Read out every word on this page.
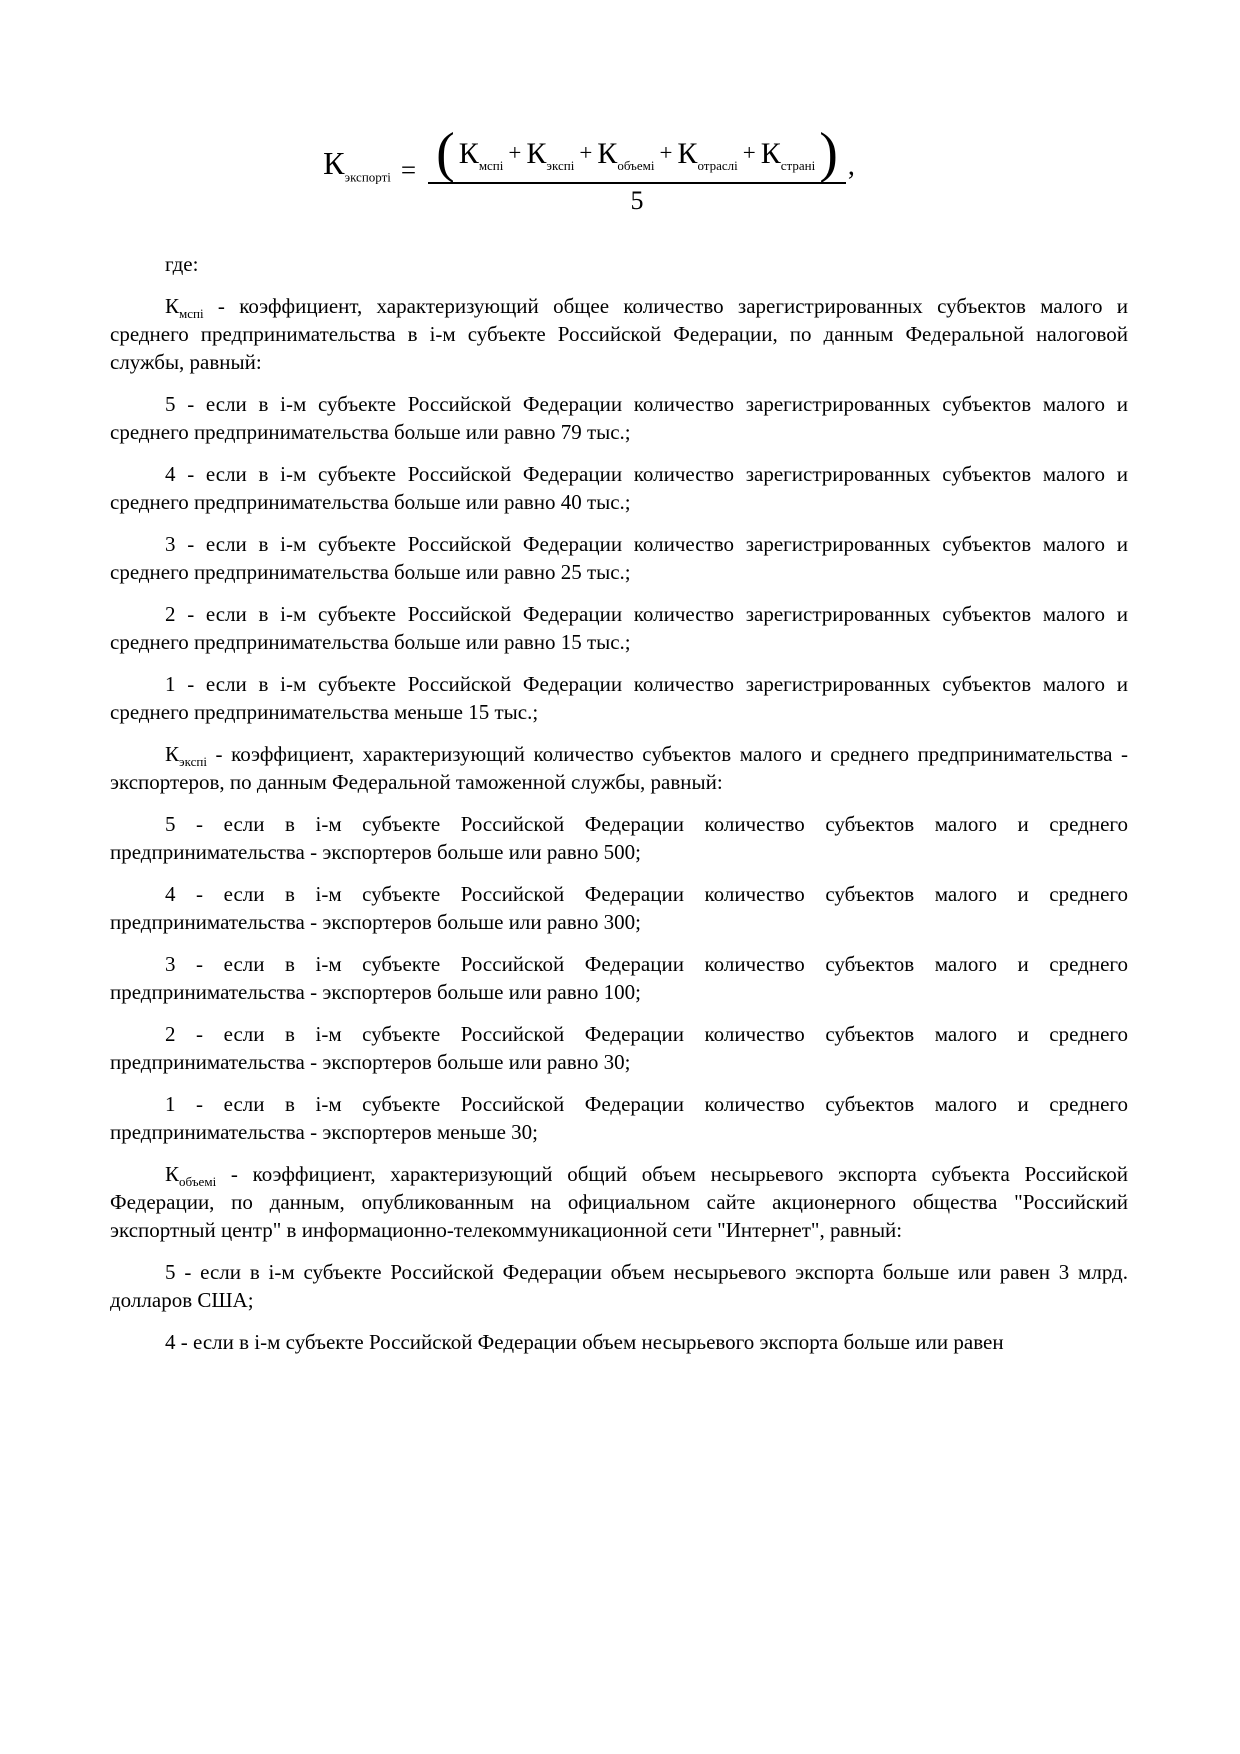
$К_{экспортi} = \frac{( К_{мспi}+ К_{экспi}+ К_{объемi}+ К_{отраслi}+ К_{странi} )}{5}$ ,

где:

$К_{мспi}$ - коэффициент, характеризующий общее количество зарегистрированных субъектов малого и среднего предпринимательства в i-м субъекте Российской Федерации, по данным Федеральной налоговой службы, равный:

5 - если в i-м субъекте Российской Федерации количество зарегистрированных субъектов малого и среднего предпринимательства больше или равно 79 тыс.;

4 - если в i-м субъекте Российской Федерации количество зарегистрированных субъектов малого и среднего предпринимательства больше или равно 40 тыс.;

3 - если в i-м субъекте Российской Федерации количество зарегистрированных субъектов малого и среднего предпринимательства больше или равно 25 тыс.;

2 - если в i-м субъекте Российской Федерации количество зарегистрированных субъектов малого и среднего предпринимательства больше или равно 15 тыс.;

1 - если в i-м субъекте Российской Федерации количество зарегистрированных субъектов малого и среднего предпринимательства меньше 15 тыс.;

$К_{экспi}$ - коэффициент, характеризующий количество субъектов малого и среднего предпринимательства - экспортеров, по данным Федеральной таможенной службы, равный:

5 - если в i-м субъекте Российской Федерации количество субъектов малого и среднего предпринимательства - экспортеров больше или равно 500;

4 - если в i-м субъекте Российской Федерации количество субъектов малого и среднего предпринимательства - экспортеров больше или равно 300;

3 - если в i-м субъекте Российской Федерации количество субъектов малого и среднего предпринимательства - экспортеров больше или равно 100;

2 - если в i-м субъекте Российской Федерации количество субъектов малого и среднего предпринимательства - экспортеров больше или равно 30;

1 - если в i-м субъекте Российской Федерации количество субъектов малого и среднего предпринимательства - экспортеров меньше 30;

$К_{объемi}$ - коэффициент, характеризующий общий объем несырьевого экспорта субъекта Российской Федерации, по данным, опубликованным на официальном сайте акционерного общества "Российский экспортный центр" в информационно-телекоммуникационной сети "Интернет", равный:

5 - если в i-м субъекте Российской Федерации объем несырьевого экспорта больше или равен 3 млрд. долларов США;

4 - если в i-м субъекте Российской Федерации объем несырьевого экспорта больше или равен
